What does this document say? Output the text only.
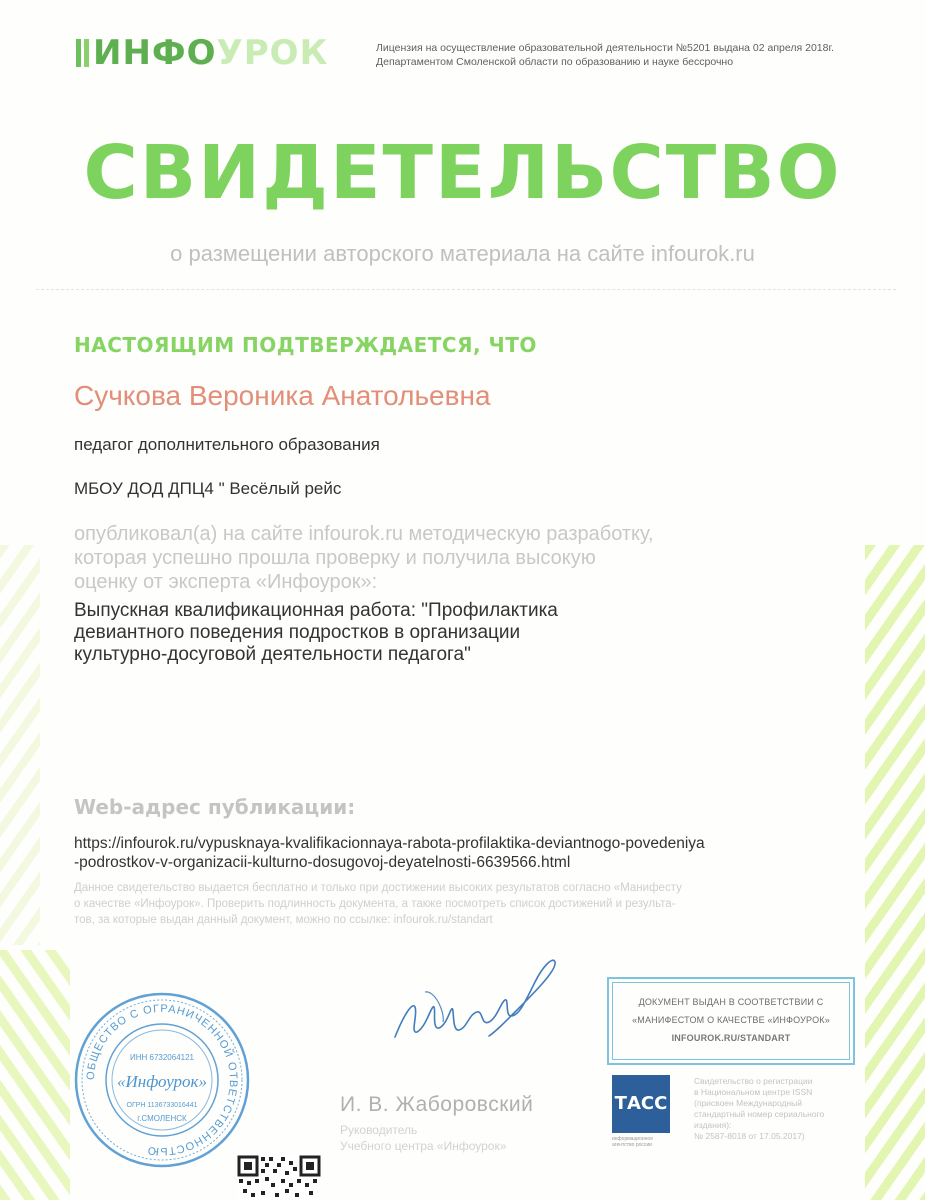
ИНФОУРОК	Лицензия на осуществление образовательной деятельности №5201 выдана 02 апреля 2018г.
Департаментом Смоленской области по образованию и науке бессрочно
СВИДЕТЕЛЬСТВО
о размещении авторского материала на сайте infourok.ru
НАСТОЯЩИМ ПОДТВЕРЖДАЕТСЯ, ЧТО
Сучкова Вероника Анатольевна
педагог дополнительного образования
МБОУ ДОД ДПЦ4 " Весёлый рейс
опубликовал(а) на сайте infourok.ru методическую разработку,
которая успешно прошла проверку и получила высокую
оценку от эксперта «Инфоурок»:
Выпускная квалификационная работа: "Профилактика
девиантного поведения подростков в организации
культурно-досуговой деятельности педагога"
Web-адрес публикации:
https://infourok.ru/vypusknaya-kvalifikacionnaya-rabota-profilaktika-deviantnogo-povedeniya
-podrostkov-v-organizacii-kulturno-dosugovoj-deyatelnosti-6639566.html
Данное свидетельство выдается бесплатно и только при достижении высоких результатов согласно «Манифесту
о качестве «Инфоурок». Проверить подлинность документа, а также посмотреть список достижений и результа-
тов, за которые выдан данный документ, можно по ссылке: infourok.ru/standart
ОБЩЕСТВО С ОГРАНИЧЕННОЙ ОТВЕТСТВЕННОСТЬЮ
ИНН 6732064121
«Инфоурок»
ОГРН 1136733016441
г.СМОЛЕНСК
И. В. Жаборовский
Руководитель
Учебного центра «Инфоурок»
ДОКУМЕНТ ВЫДАН В СООТВЕТСТВИИ С
«МАНИФЕСТОМ О КАЧЕСТВЕ «ИНФОУРОК»
INFOUROK.RU/STANDART
ТАСС
информационное
агентство россии
Свидетельство о регистрации
в Национальном центре ISSN
(присвоен Международный
стандартный номер сериального
издания):
№ 2587-8018 от 17.05.2017)
